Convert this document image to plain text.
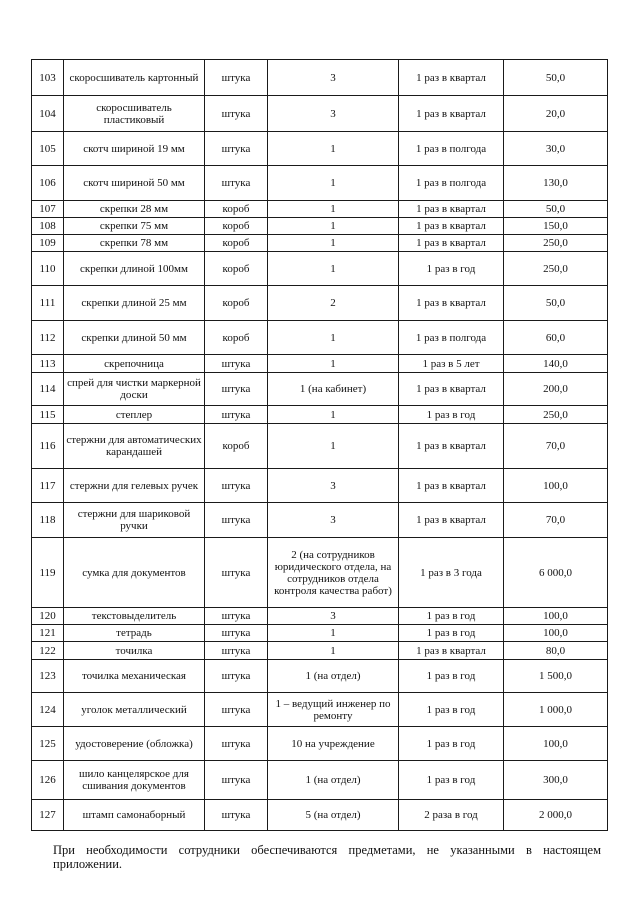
103	скоросшиватель картонный	штука	3	1 раз в квартал	50,0
104	скоросшиватель пластиковый	штука	3	1 раз в квартал	20,0
105	скотч шириной 19 мм	штука	1	1 раз в полгода	30,0
106	скотч шириной 50 мм	штука	1	1 раз в полгода	130,0
107	скрепки 28 мм	короб	1	1 раз в квартал	50,0
108	скрепки 75 мм	короб	1	1 раз в квартал	150,0
109	скрепки 78 мм	короб	1	1 раз в квартал	250,0
110	скрепки длиной 100мм	короб	1	1 раз в год	250,0
111	скрепки длиной 25 мм	короб	2	1 раз в квартал	50,0
112	скрепки длиной 50 мм	короб	1	1 раз в полгода	60,0
113	скрепочница	штука	1	1 раз в 5 лет	140,0
114	спрей для чистки маркерной доски	штука	1 (на кабинет)	1 раз в квартал	200,0
115	степлер	штука	1	1 раз в год	250,0
116	стержни для автоматических карандашей	короб	1	1 раз в квартал	70,0
117	стержни для гелевых ручек	штука	3	1 раз в квартал	100,0
118	стержни для шариковой ручки	штука	3	1 раз в квартал	70,0
119	сумка для документов	штука	2 (на сотрудников юридического отдела, на сотрудников отдела контроля качества работ)	1 раз в 3 года	6 000,0
120	текстовыделитель	штука	3	1 раз в год	100,0
121	тетрадь	штука	1	1 раз в год	100,0
122	точилка	штука	1	1 раз в квартал	80,0
123	точилка механическая	штука	1 (на отдел)	1 раз в год	1 500,0
124	уголок металлический	штука	1 – ведущий инженер по ремонту	1 раз в год	1 000,0
125	удостоверение (обложка)	штука	10 на учреждение	1 раз в год	100,0
126	шило канцелярское для сшивания документов	штука	1 (на отдел)	1 раз в год	300,0
127	штамп самонаборный	штука	5 (на отдел)	2 раза в год	2 000,0
При необходимости сотрудники обеспечиваются предметами, не указанными в настоящем приложении.
